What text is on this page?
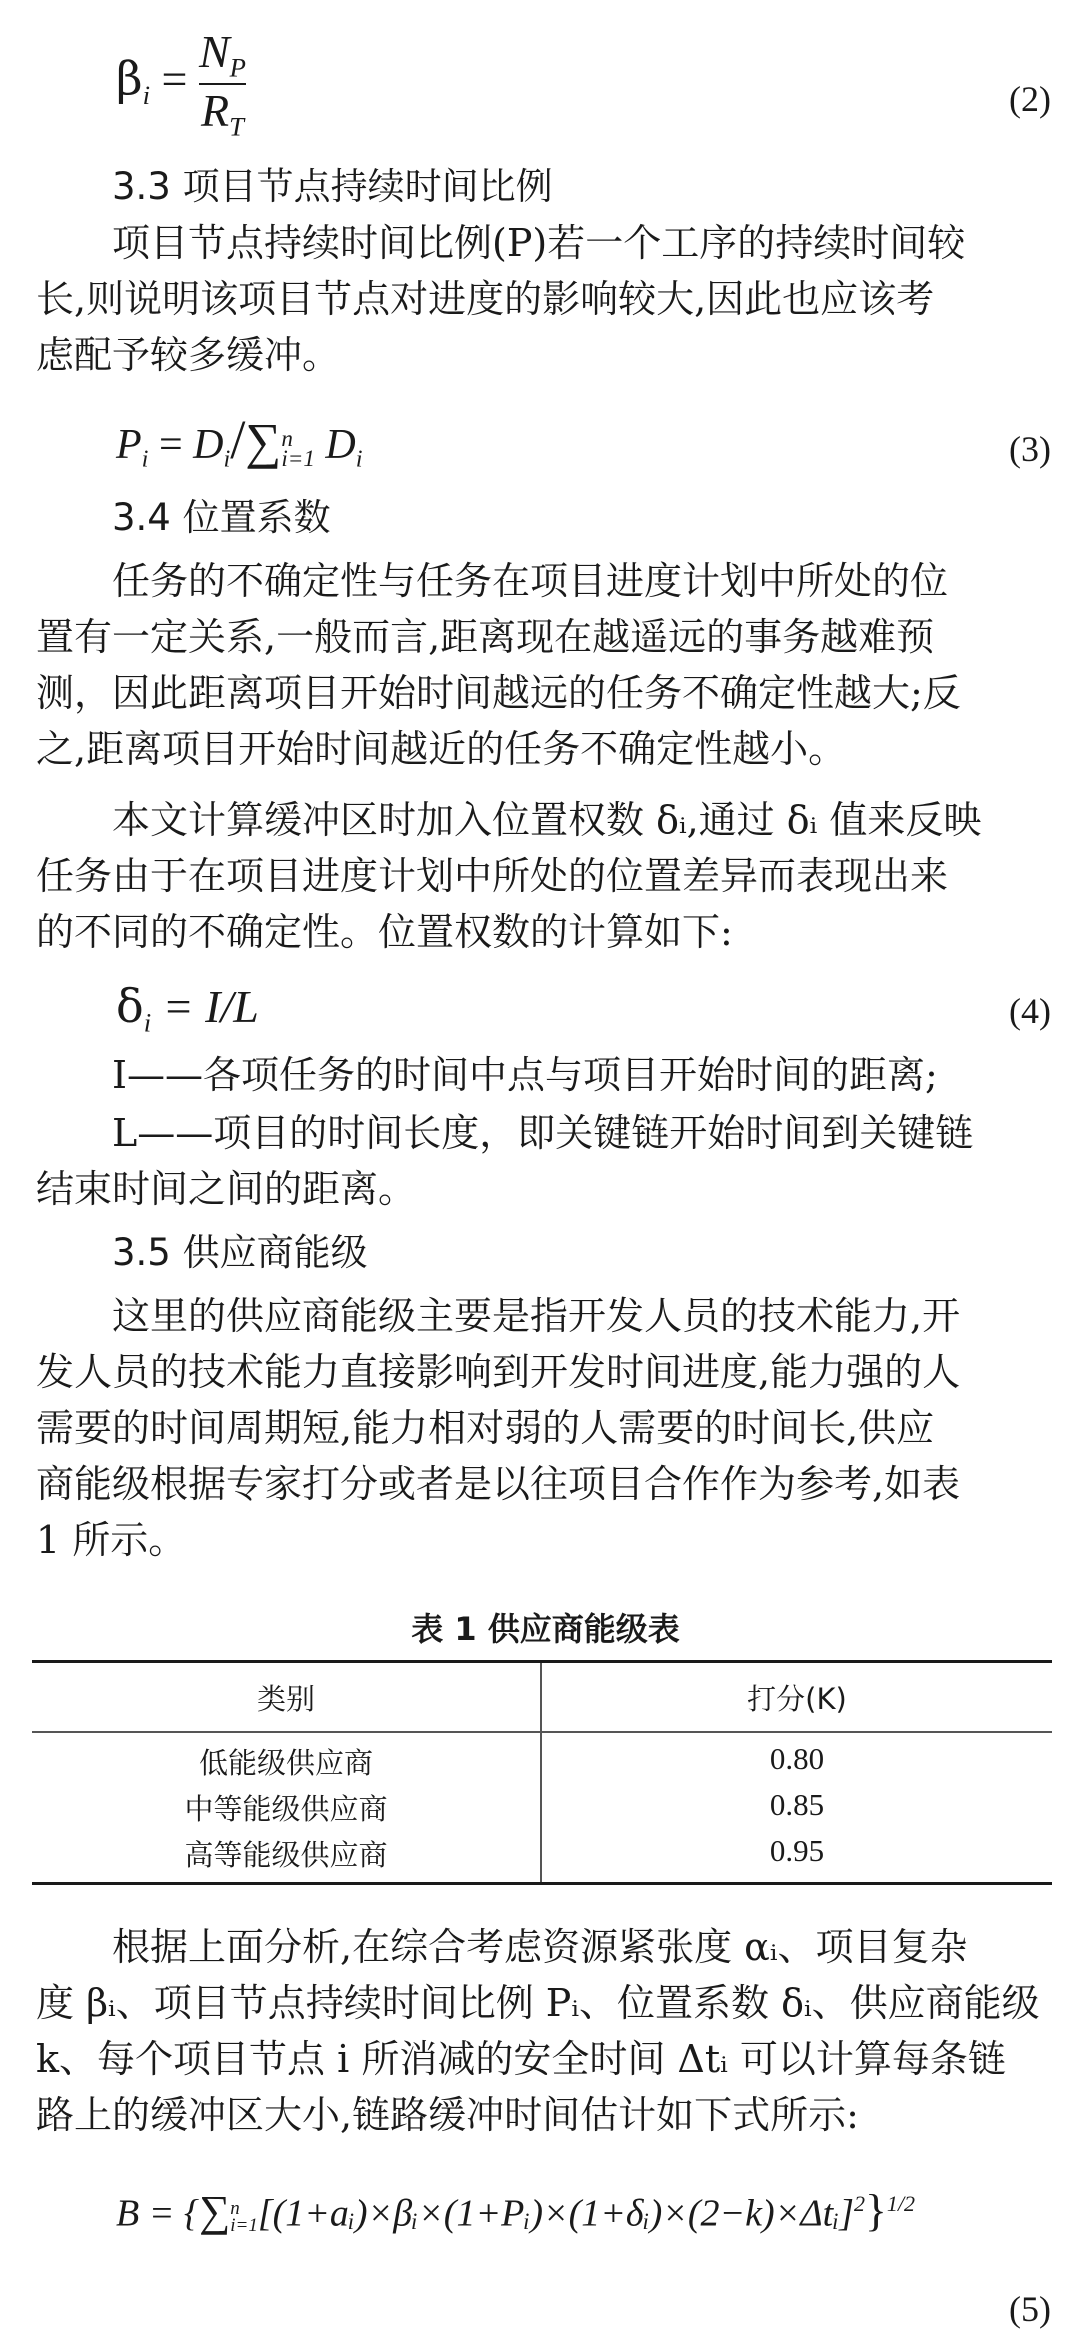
$\beta_i = \frac{N_P}{R_T}$	(2)
3.3 项目节点持续时间比例
项目节点持续时间比例(P)若一个工序的持续时间较
长,则说明该项目节点对进度的影响较大,因此也应该考
虑配予较多缓冲。
$P_i = D_i/\sum$ n
i=1 $D_i$	(3)
3.4 位置系数
任务的不确定性与任务在项目进度计划中所处的位
置有一定关系,一般而言,距离现在越遥远的事务越难预
测，因此距离项目开始时间越远的任务不确定性越大;反
之,距离项目开始时间越近的任务不确定性越小。
本文计算缓冲区时加入位置权数 δᵢ,通过 δᵢ 值来反映
任务由于在项目进度计划中所处的位置差异而表现出来
的不同的不确定性。位置权数的计算如下:
$\delta_i = I/L$	(4)
I——各项任务的时间中点与项目开始时间的距离;
L——项目的时间长度，即关键链开始时间到关键链
结束时间之间的距离。
3.5 供应商能级
这里的供应商能级主要是指开发人员的技术能力,开
发人员的技术能力直接影响到开发时间进度,能力强的人
需要的时间周期短,能力相对弱的人需要的时间长,供应
商能级根据专家打分或者是以往项目合作作为参考,如表
1 所示。
表 1 供应商能级表
类别	打分(K)
低能级供应商	0.80
中等能级供应商	0.85
高等能级供应商	0.95
根据上面分析,在综合考虑资源紧张度 αᵢ、项目复杂
度 βᵢ、项目节点持续时间比例 Pᵢ、位置系数 δᵢ、供应商能级
k、每个项目节点 i 所消减的安全时间 Δtᵢ 可以计算每条链
路上的缓冲区大小,链路缓冲时间估计如下式所示:
B = {∑ n
i=1 [(1+aᵢ)×βᵢ×(1+Pᵢ)×(1+δᵢ)×(2−k)×Δtᵢ]$^2$}$^{1/2}$
(5)
